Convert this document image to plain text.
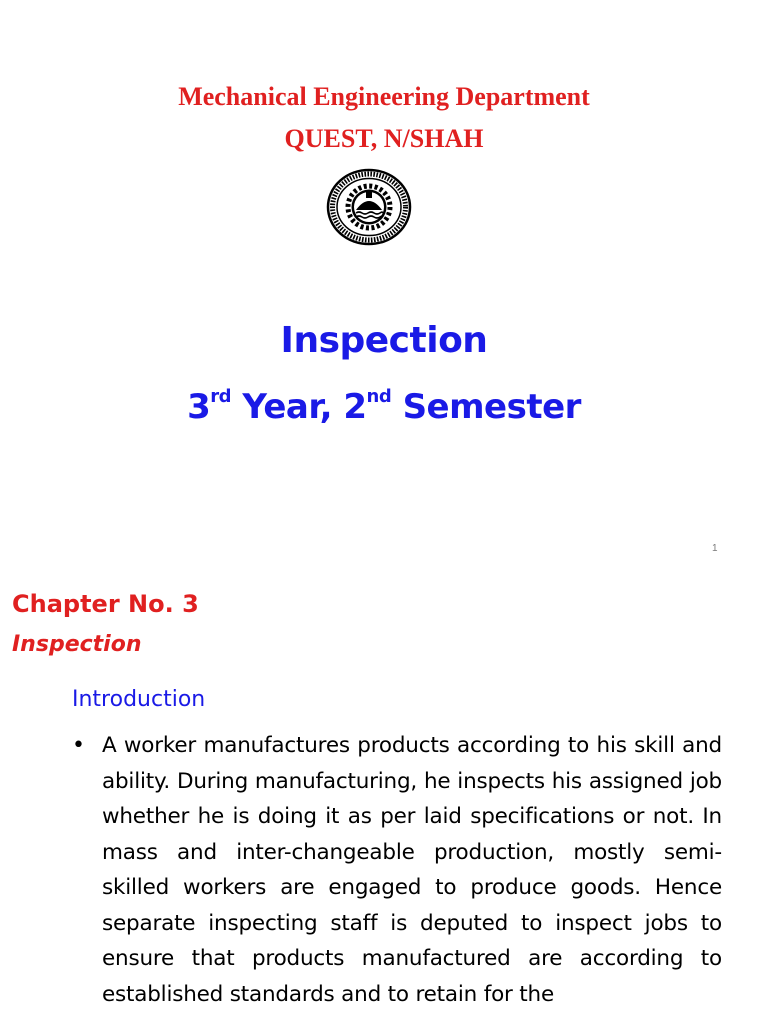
Mechanical Engineering Department
QUEST, N/SHAH
Inspection
3rd Year, 2nd Semester
1
Chapter No. 3
Inspection
Introduction
• A worker manufactures products according to his skill and ability. During manufacturing, he inspects his assigned job whether he is doing it as per laid specifications or not. In mass and inter-changeable production, mostly semi-skilled workers are engaged to produce goods. Hence separate inspecting staff is deputed to inspect jobs to ensure that products manufactured are according to established standards and to retain for the
